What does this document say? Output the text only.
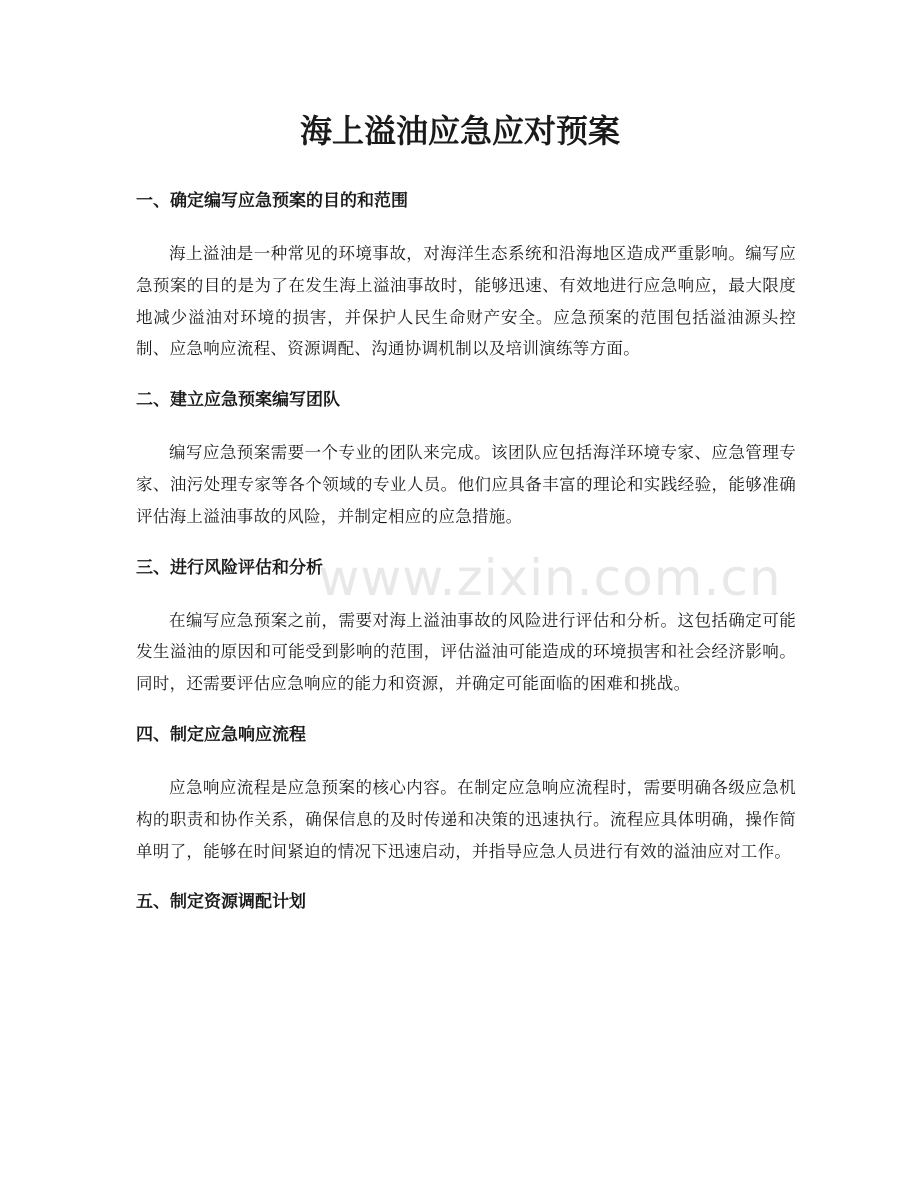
海上溢油应急应对预案
一、确定编写应急预案的目的和范围

海上溢油是一种常见的环境事故，对海洋生态系统和沿海地区造成严重影响。编写应急预案的目的是为了在发生海上溢油事故时，能够迅速、有效地进行应急响应，最大限度地减少溢油对环境的损害，并保护人民生命财产安全。应急预案的范围包括溢油源头控制、应急响应流程、资源调配、沟通协调机制以及培训演练等方面。

二、建立应急预案编写团队

编写应急预案需要一个专业的团队来完成。该团队应包括海洋环境专家、应急管理专家、油污处理专家等各个领域的专业人员。他们应具备丰富的理论和实践经验，能够准确评估海上溢油事故的风险，并制定相应的应急措施。

三、进行风险评估和分析

在编写应急预案之前，需要对海上溢油事故的风险进行评估和分析。这包括确定可能发生溢油的原因和可能受到影响的范围，评估溢油可能造成的环境损害和社会经济影响。同时，还需要评估应急响应的能力和资源，并确定可能面临的困难和挑战。

四、制定应急响应流程

应急响应流程是应急预案的核心内容。在制定应急响应流程时，需要明确各级应急机构的职责和协作关系，确保信息的及时传递和决策的迅速执行。流程应具体明确，操作简单明了，能够在时间紧迫的情况下迅速启动，并指导应急人员进行有效的溢油应对工作。

五、制定资源调配计划
www.zixin.com.cn
